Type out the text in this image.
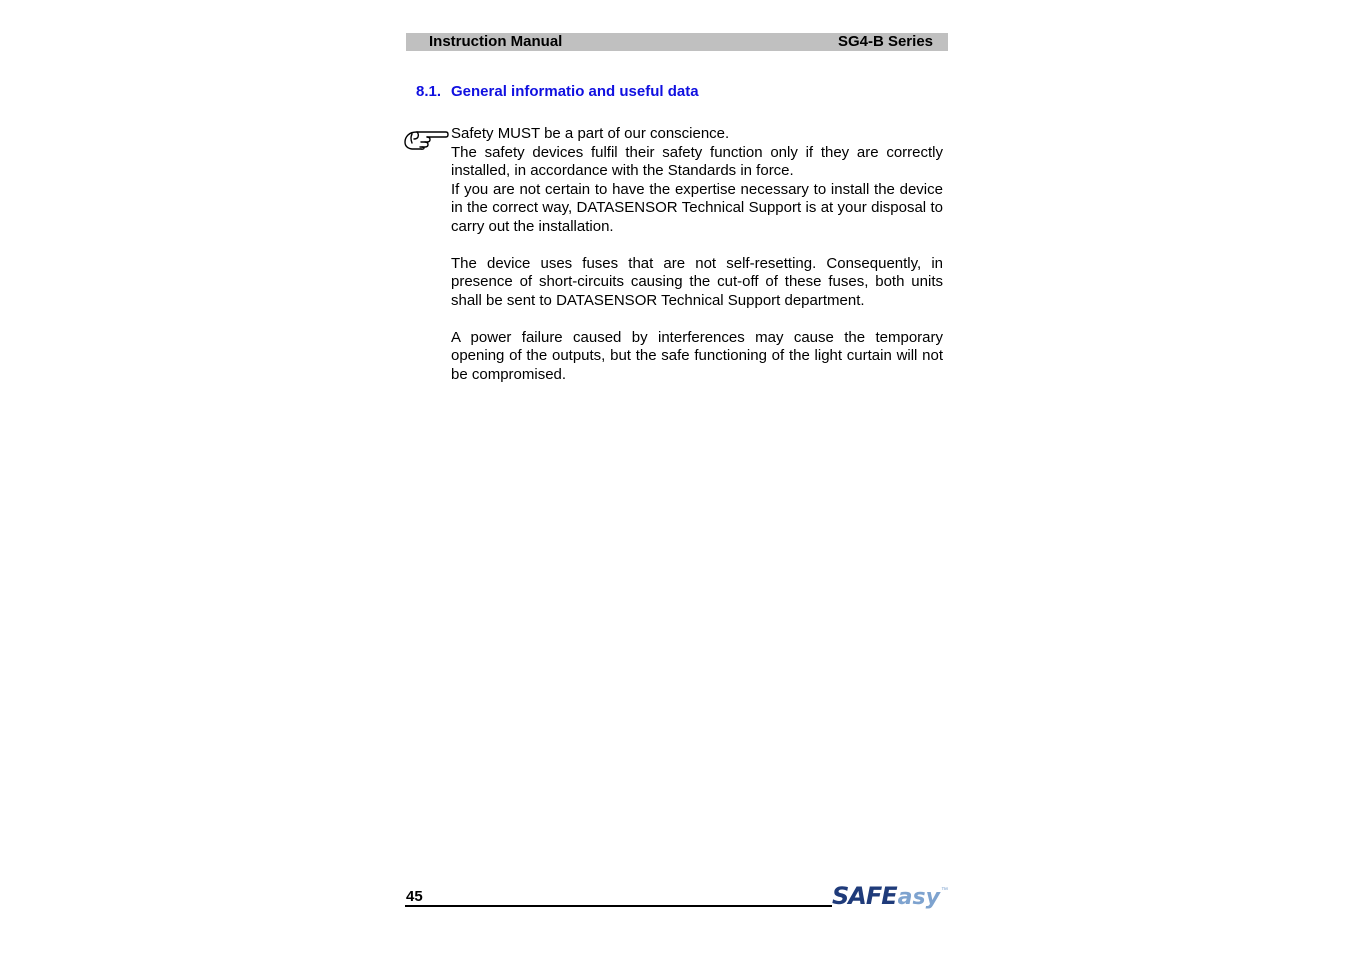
Instruction Manual	SG4-B Series
8.1. General informatio and useful data

Safety MUST be a part of our conscience.

The safety devices fulfil their safety function only if they are correctly installed, in accordance with the Standards in force.

If you are not certain to have the expertise necessary to install the device in the correct way, DATASENSOR Technical Support is at your disposal to carry out the installation.

The device uses fuses that are not self-resetting. Consequently, in presence of short-circuits causing the cut-off of these fuses, both units shall be sent to DATASENSOR Technical Support department.

A power failure caused by interferences may cause the temporary opening of the outputs, but the safe functioning of the light curtain will not be compromised.

45	SAFEasy™
